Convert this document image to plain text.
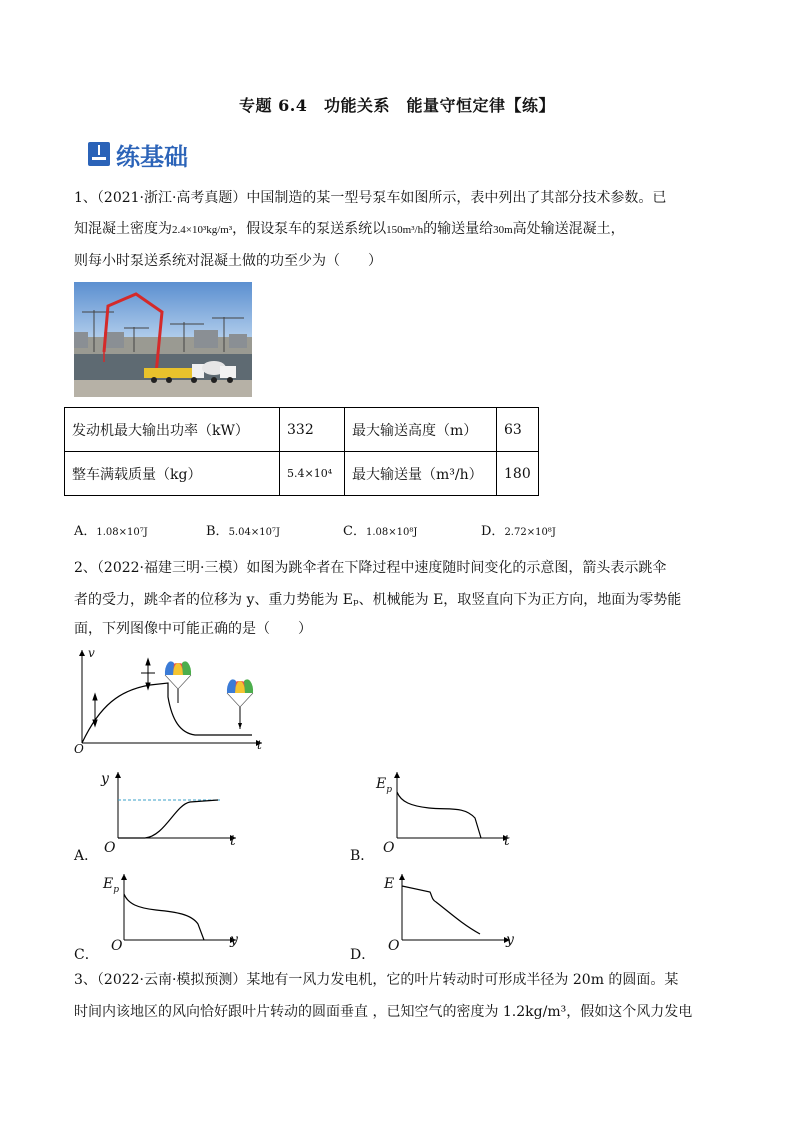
专题 6.4　功能关系　能量守恒定律【练】
练基础
1、（2021·浙江·高考真题）中国制造的某一型号泵车如图所示，表中列出了其部分技术参数。已
知混凝土密度为2.4×10³kg/m³，假设泵车的泵送系统以150m³/h的输送量给30m高处输送混凝土，
则每小时泵送系统对混凝土做的功至少为（　　）
发动机最大输出功率（kW）	332	最大输送高度（m）	63
整车满载质量（kg）	5.4×10⁴	最大输送量（m³/h）	180
A．1.08×10⁷J	B．5.04×10⁷J	C．1.08×10⁸J	D．2.72×10⁸J
2、（2022·福建三明·三模）如图为跳伞者在下降过程中速度随时间变化的示意图，箭头表示跳伞
者的受力，跳伞者的位移为 y、重力势能为 Eₚ、机械能为 E，取竖直向下为正方向，地面为零势能
面，下列图像中可能正确的是（　　）
v
t
O
y
t
O
A．
$E_p$
t
O
B．
$E_p$
y
O
C．
E
y
O
D．
3、（2022·云南·模拟预测）某地有一风力发电机，它的叶片转动时可形成半径为 20m 的圆面。某
时间内该地区的风向恰好跟叶片转动的圆面垂直 ，已知空气的密度为 1.2kg/m³，假如这个风力发电
